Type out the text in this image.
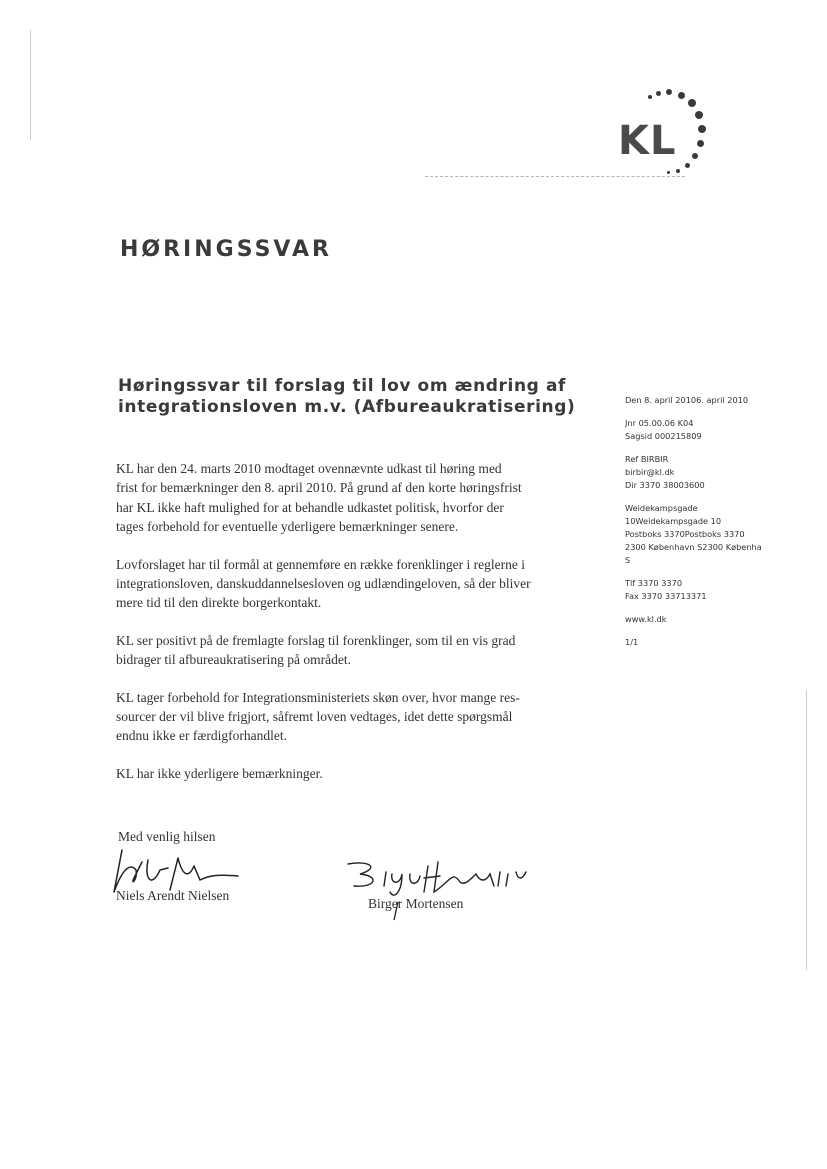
KL
HØRINGSSVAR
Høringssvar til forslag til lov om ændring af
integrationsloven m.v. (Afbureaukratisering)

KL har den 24. marts 2010 modtaget ovennævnte udkast til høring med
frist for bemærkninger den 8. april 2010. På grund af den korte høringsfrist
har KL ikke haft mulighed for at behandle udkastet politisk, hvorfor der
tages forbehold for eventuelle yderligere bemærkninger senere.

Lovforslaget har til formål at gennemføre en række forenklinger i reglerne i
integrationsloven, danskuddannelsesloven og udlændingeloven, så der bliver
mere tid til den direkte borgerkontakt.

KL ser positivt på de fremlagte forslag til forenklinger, som til en vis grad
bidrager til afbureaukratisering på området.

KL tager forbehold for Integrationsministeriets skøn over, hvor mange res-
sourcer der vil blive frigjort, såfremt loven vedtages, idet dette spørgsmål
endnu ikke er færdigforhandlet.

KL har ikke yderligere bemærkninger.

Den 8. april 20106. april 2010
Jnr 05.00.06 K04
Sagsid 000215809
Ref BIRBIR
birbir@kl.dk
Dir 3370 38003600
Weidekampsgade
10Weidekampsgade 10
Postboks 3370Postboks 3370
2300 København S2300 Københa
S
Tlf 3370 3370
Fax 3370 33713371
www.kl.dk
1/1
Med venlig hilsen
Niels Arendt Nielsen
Birger Mortensen
